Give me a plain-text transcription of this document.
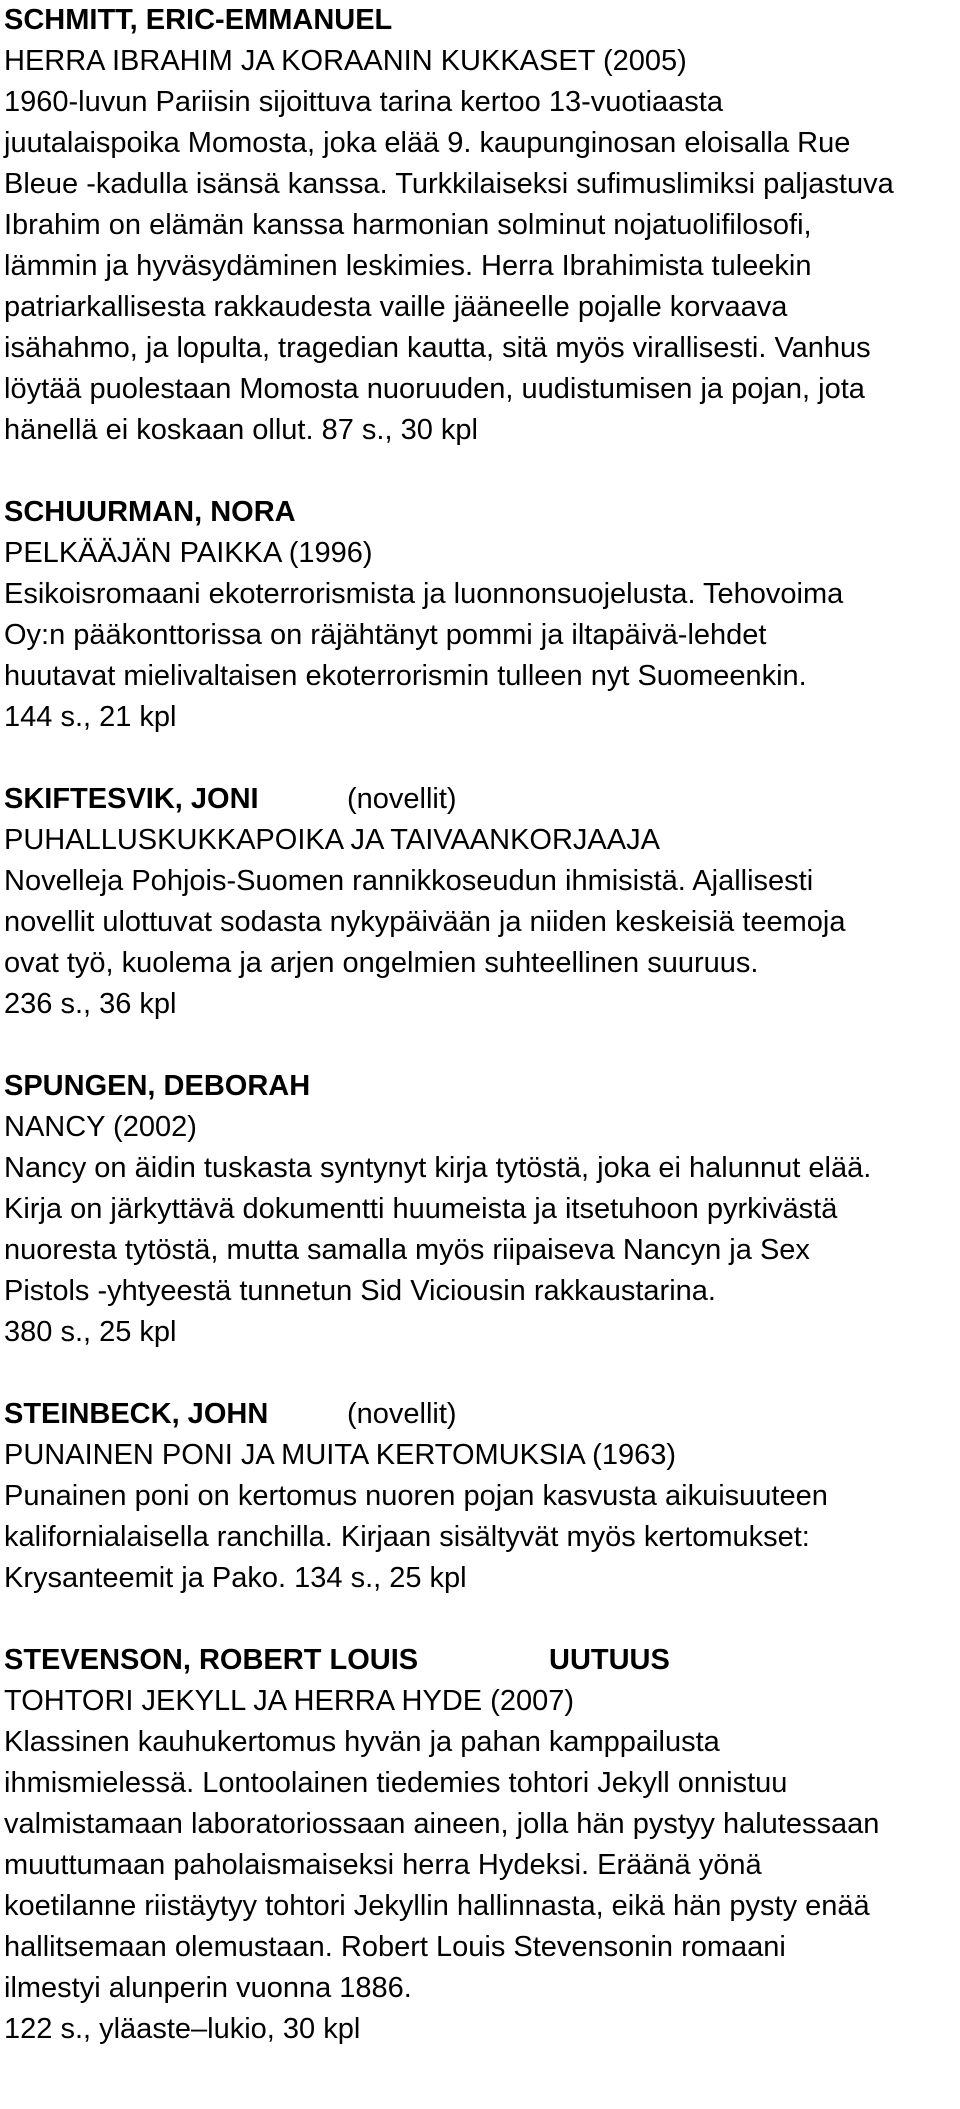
SCHMITT, ERIC-EMMANUEL
HERRA IBRAHIM JA KORAANIN KUKKASET (2005)
1960-luvun Pariisin sijoittuva tarina kertoo 13-vuotiaasta
juutalaispoika Momosta, joka elää 9. kaupunginosan eloisalla Rue
Bleue -kadulla isänsä kanssa. Turkkilaiseksi sufimuslimiksi paljastuva
Ibrahim on elämän kanssa harmonian solminut nojatuolifilosofi,
lämmin ja hyväsydäminen leskimies. Herra Ibrahimista tuleekin
patriarkallisesta rakkaudesta vaille jääneelle pojalle korvaava
isähahmo, ja lopulta, tragedian kautta, sitä myös virallisesti. Vanhus
löytää puolestaan Momosta nuoruuden, uudistumisen ja pojan, jota
hänellä ei koskaan ollut. 87 s., 30 kpl
SCHUURMAN, NORA
PELKÄÄJÄN PAIKKA (1996)
Esikoisromaani ekoterrorismista ja luonnonsuojelusta. Tehovoima
Oy:n pääkonttorissa on räjähtänyt pommi ja iltapäivä-lehdet
huutavat mielivaltaisen ekoterrorismin tulleen nyt Suomeenkin.
144 s., 21 kpl
SKIFTESVIK, JONI	(novellit)
PUHALLUSKUKKAPOIKA JA TAIVAANKORJAAJA
Novelleja Pohjois-Suomen rannikkoseudun ihmisistä. Ajallisesti
novellit ulottuvat sodasta nykypäivään ja niiden keskeisiä teemoja
ovat työ, kuolema ja arjen ongelmien suhteellinen suuruus.
236 s., 36 kpl
SPUNGEN, DEBORAH
NANCY (2002)
Nancy on äidin tuskasta syntynyt kirja tytöstä, joka ei halunnut elää.
Kirja on järkyttävä dokumentti huumeista ja itsetuhoon pyrkivästä
nuoresta tytöstä, mutta samalla myös riipaiseva Nancyn ja Sex
Pistols -yhtyeestä tunnetun Sid Viciousin rakkaustarina.
380 s., 25 kpl
STEINBECK, JOHN	(novellit)
PUNAINEN PONI JA MUITA KERTOMUKSIA (1963)
Punainen poni on kertomus nuoren pojan kasvusta aikuisuuteen
kalifornialaisella ranchilla. Kirjaan sisältyvät myös kertomukset:
Krysanteemit ja Pako. 134 s., 25 kpl
STEVENSON, ROBERT LOUIS	UUTUUS
TOHTORI JEKYLL JA HERRA HYDE (2007)
Klassinen kauhukertomus hyvän ja pahan kamppailusta
ihmismielessä. Lontoolainen tiedemies tohtori Jekyll onnistuu
valmistamaan laboratoriossaan aineen, jolla hän pystyy halutessaan
muuttumaan paholaismaiseksi herra Hydeksi. Eräänä yönä
koetilanne riistäytyy tohtori Jekyllin hallinnasta, eikä hän pysty enää
hallitsemaan olemustaan. Robert Louis Stevensonin romaani
ilmestyi alunperin vuonna 1886.
122 s., yläaste–lukio, 30 kpl
